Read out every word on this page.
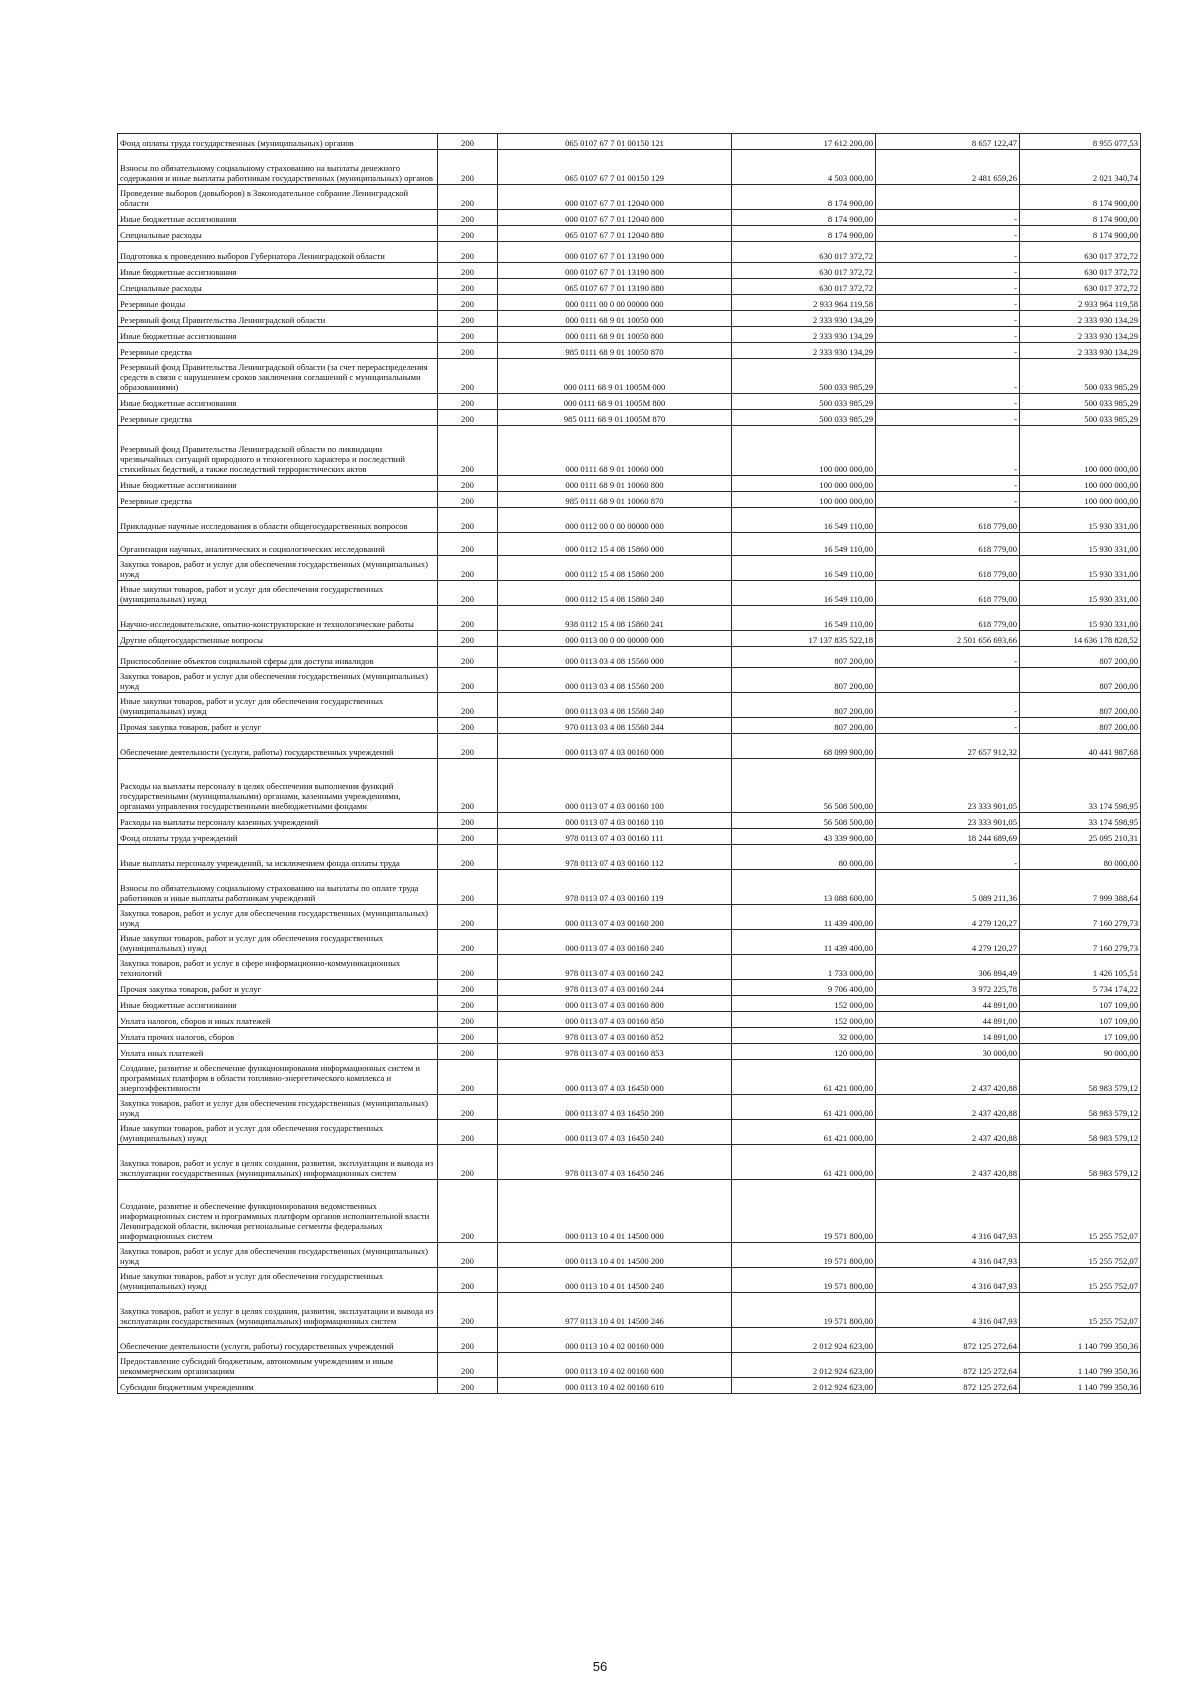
Фонд оплаты труда государственных (муниципальных) органов	200	065 0107 67 7 01 00150 121	17 612 200,00	8 657 122,47	8 955 077,53
Взносы по обязательному социальному страхованию на выплаты денежного содержания и иные выплаты работникам государственных (муниципальных) органов	200	065 0107 67 7 01 00150 129	4 503 000,00	2 481 659,26	2 021 340,74
Проведение выборов (довыборов) в Законодательное собрание Ленинградской области	200	000 0107 67 7 01 12040 000	8 174 900,00		8 174 900,00
Иные бюджетные ассигнования	200	000 0107 67 7 01 12040 800	8 174 900,00	-	8 174 900,00
Специальные расходы	200	065 0107 67 7 01 12040 880	8 174 900,00	-	8 174 900,00
Подготовка к проведению выборов Губернатора Ленинградской области	200	000 0107 67 7 01 13190 000	630 017 372,72	-	630 017 372,72
Иные бюджетные ассигнования	200	000 0107 67 7 01 13190 800	630 017 372,72	-	630 017 372,72
Специальные расходы	200	065 0107 67 7 01 13190 880	630 017 372,72	-	630 017 372,72
Резервные фонды	200	000 0111 00 0 00 00000 000	2 933 964 119,58	-	2 933 964 119,58
Резервный фонд Правительства Ленинградской области	200	000 0111 68 9 01 10050 000	2 333 930 134,29	-	2 333 930 134,29
Иные бюджетные ассигнования	200	000 0111 68 9 01 10050 800	2 333 930 134,29	-	2 333 930 134,29
Резервные средства	200	985 0111 68 9 01 10050 870	2 333 930 134,29	-	2 333 930 134,29
Резервный фонд Правительства Ленинградской области (за счет перераспределения средств в связи с нарушением сроков заключения соглашений с муниципальными образованиями)	200	000 0111 68 9 01 1005М 000	500 033 985,29	-	500 033 985,29
Иные бюджетные ассигнования	200	000 0111 68 9 01 1005М 800	500 033 985,29	-	500 033 985,29
Резервные средства	200	985 0111 68 9 01 1005М 870	500 033 985,29	-	500 033 985,29
Резервный фонд Правительства Ленинградской области по ликвидации чрезвычайных ситуаций природного и техногенного характера и последствий стихийных бедствий, а также последствий террористических актов	200	000 0111 68 9 01 10060 000	100 000 000,00	-	100 000 000,00
Иные бюджетные ассигнования	200	000 0111 68 9 01 10060 800	100 000 000,00	-	100 000 000,00
Резервные средства	200	985 0111 68 9 01 10060 870	100 000 000,00	-	100 000 000,00
Прикладные научные исследования в области общегосударственных вопросов	200	000 0112 00 0 00 00000 000	16 549 110,00	618 779,00	15 930 331,00
Организация научных, аналитических и социологических исследований	200	000 0112 15 4 08 15860 000	16 549 110,00	618 779,00	15 930 331,00
Закупка товаров, работ и услуг для обеспечения государственных (муниципальных) нужд	200	000 0112 15 4 08 15860 200	16 549 110,00	618 779,00	15 930 331,00
Иные закупки товаров, работ и услуг для обеспечения государственных (муниципальных) нужд	200	000 0112 15 4 08 15860 240	16 549 110,00	618 779,00	15 930 331,00
Научно-исследовательские, опытно-конструкторские и технологические работы	200	938 0112 15 4 08 15860 241	16 549 110,00	618 779,00	15 930 331,00
Другие общегосударственные вопросы	200	000 0113 00 0 00 00000 000	17 137 835 522,18	2 501 656 693,66	14 636 178 828,52
Приспособление объектов социальной сферы для доступа инвалидов	200	000 0113 03 4 08 15560 000	807 200,00	-	807 200,00
Закупка товаров, работ и услуг для обеспечения государственных (муниципальных) нужд	200	000 0113 03 4 08 15560 200	807 200,00		807 200,00
Иные закупки товаров, работ и услуг для обеспечения государственных (муниципальных) нужд	200	000 0113 03 4 08 15560 240	807 200,00	-	807 200,00
Прочая закупка товаров, работ и услуг	200	970 0113 03 4 08 15560 244	807 200,00	-	807 200,00
Обеспечение деятельности (услуги, работы) государственных учреждений	200	000 0113 07 4 03 00160 000	68 099 900,00	27 657 912,32	40 441 987,68
Расходы на выплаты персоналу в целях обеспечения выполнения функций государственными (муниципальными) органами, казенными учреждениями, органами управления государственными внебюджетными фондами	200	000 0113 07 4 03 00160 100	56 508 500,00	23 333 901,05	33 174 598,95
Расходы на выплаты персоналу казенных учреждений	200	000 0113 07 4 03 00160 110	56 508 500,00	23 333 901,05	33 174 598,95
Фонд оплаты труда учреждений	200	978 0113 07 4 03 00160 111	43 339 900,00	18 244 689,69	25 095 210,31
Иные выплаты персоналу учреждений, за исключением фонда оплаты труда	200	978 0113 07 4 03 00160 112	80 000,00	-	80 000,00
Взносы по обязательному социальному страхованию на выплаты по оплате труда работников и иные выплаты работникам учреждений	200	978 0113 07 4 03 00160 119	13 088 600,00	5 089 211,36	7 999 388,64
Закупка товаров, работ и услуг для обеспечения государственных (муниципальных) нужд	200	000 0113 07 4 03 00160 200	11 439 400,00	4 279 120,27	7 160 279,73
Иные закупки товаров, работ и услуг для обеспечения государственных (муниципальных) нужд	200	000 0113 07 4 03 00160 240	11 439 400,00	4 279 120,27	7 160 279,73
Закупка товаров, работ и услуг в сфере информационно-коммуникационных технологий	200	978 0113 07 4 03 00160 242	1 733 000,00	306 894,49	1 426 105,51
Прочая закупка товаров, работ и услуг	200	978 0113 07 4 03 00160 244	9 706 400,00	3 972 225,78	5 734 174,22
Иные бюджетные ассигнования	200	000 0113 07 4 03 00160 800	152 000,00	44 891,00	107 109,00
Уплата налогов, сборов и иных платежей	200	000 0113 07 4 03 00160 850	152 000,00	44 891,00	107 109,00
Уплата прочих налогов, сборов	200	978 0113 07 4 03 00160 852	32 000,00	14 891,00	17 109,00
Уплата иных платежей	200	978 0113 07 4 03 00160 853	120 000,00	30 000,00	90 000,00
Создание, развитие и обеспечение функционирования информационных систем и программных платформ в области топливно-энергетического комплекса и энергоэффективности	200	000 0113 07 4 03 16450 000	61 421 000,00	2 437 420,88	58 983 579,12
Закупка товаров, работ и услуг для обеспечения государственных (муниципальных) нужд	200	000 0113 07 4 03 16450 200	61 421 000,00	2 437 420,88	58 983 579,12
Иные закупки товаров, работ и услуг для обеспечения государственных (муниципальных) нужд	200	000 0113 07 4 03 16450 240	61 421 000,00	2 437 420,88	58 983 579,12
Закупка товаров, работ и услуг в целях создания, развития, эксплуатации и вывода из эксплуатации государственных (муниципальных) информационных систем	200	978 0113 07 4 03 16450 246	61 421 000,00	2 437 420,88	58 983 579,12
Создание, развитие и обеспечение функционирования ведомственных информационных систем и программных платформ органов исполнительной власти Ленинградской области, включая региональные сегменты федеральных информационных систем	200	000 0113 10 4 01 14500 000	19 571 800,00	4 316 047,93	15 255 752,07
Закупка товаров, работ и услуг для обеспечения государственных (муниципальных) нужд	200	000 0113 10 4 01 14500 200	19 571 800,00	4 316 047,93	15 255 752,07
Иные закупки товаров, работ и услуг для обеспечения государственных (муниципальных) нужд	200	000 0113 10 4 01 14500 240	19 571 800,00	4 316 047,93	15 255 752,07
Закупка товаров, работ и услуг в целях создания, развития, эксплуатации и вывода из эксплуатации государственных (муниципальных) информационных систем	200	977 0113 10 4 01 14500 246	19 571 800,00	4 316 047,93	15 255 752,07
Обеспечение деятельности (услуги, работы) государственных учреждений	200	000 0113 10 4 02 00160 000	2 012 924 623,00	872 125 272,64	1 140 799 350,36
Предоставление субсидий бюджетным, автономным учреждениям и иным некоммерческим организациям	200	000 0113 10 4 02 00160 600	2 012 924 623,00	872 125 272,64	1 140 799 350,36
Субсидии бюджетным учреждениям	200	000 0113 10 4 02 00160 610	2 012 924 623,00	872 125 272,64	1 140 799 350,36
56
